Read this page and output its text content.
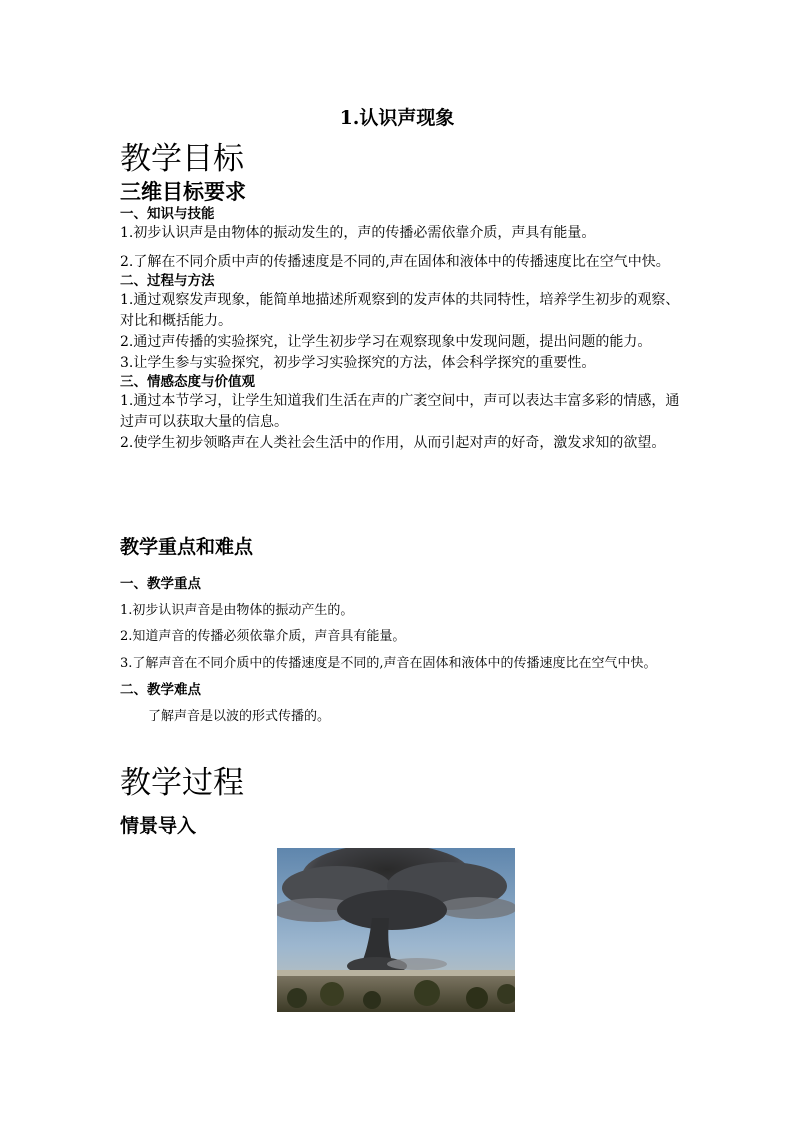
1.认识声现象
教学目标
三维目标要求
一、知识与技能
1.初步认识声是由物体的振动发生的，声的传播必需依靠介质，声具有能量。
2.了解在不同介质中声的传播速度是不同的,声在固体和液体中的传播速度比在空气中快。
二、过程与方法
1.通过观察发声现象，能简单地描述所观察到的发声体的共同特性，培养学生初步的观察、对比和概括能力。
2.通过声传播的实验探究，让学生初步学习在观察现象中发现问题，提出问题的能力。
3.让学生参与实验探究，初步学习实验探究的方法，体会科学探究的重要性。
三、情感态度与价值观
1.通过本节学习，让学生知道我们生活在声的广袤空间中，声可以表达丰富多彩的情感，通过声可以获取大量的信息。
2.使学生初步领略声在人类社会生活中的作用，从而引起对声的好奇，激发求知的欲望。
教学重点和难点
一、教学重点
1.初步认识声音是由物体的振动产生的。
2.知道声音的传播必须依靠介质，声音具有能量。
3.了解声音在不同介质中的传播速度是不同的,声音在固体和液体中的传播速度比在空气中快。
二、教学难点
了解声音是以波的形式传播的。
教学过程
情景导入
